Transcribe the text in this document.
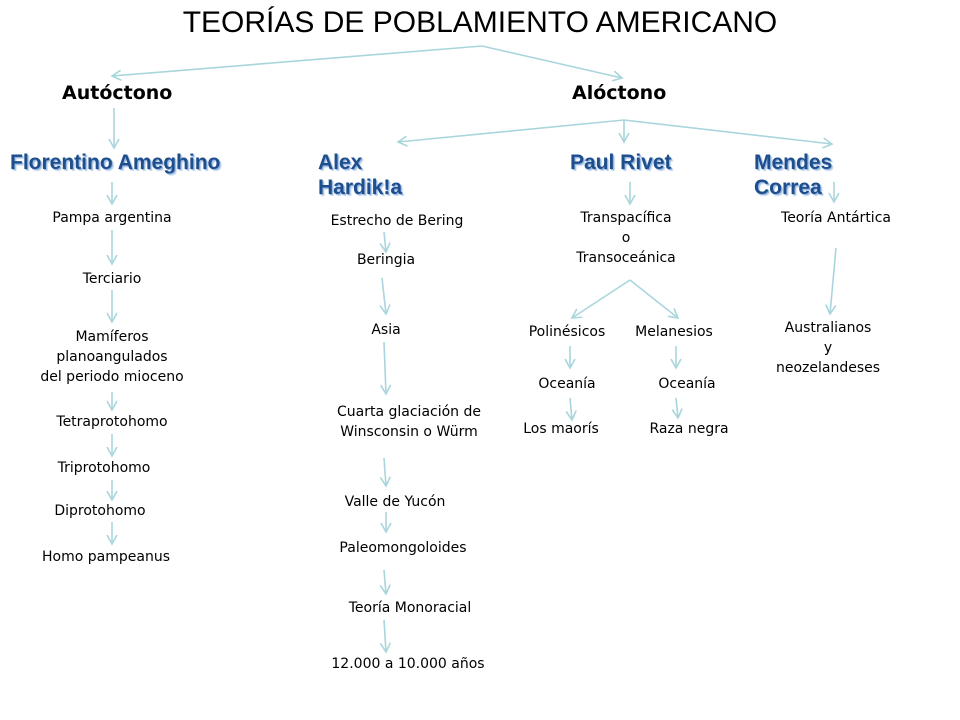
TEORÍAS DE POBLAMIENTO AMERICANO
Autóctono	Alóctono
Florentino Ameghino	Alex
Hardik!a
Paul Rivet	Mendes
Correa
Pampa argentina
Terciario
Mamíferos
planoangulados
del periodo mioceno
Tetraprotohomo
Triprotohomo
Diprotohomo
Homo pampeanus
Estrecho de Bering
Beringia
Asia
Cuarta glaciación de
Winsconsin o Würm
Valle de Yucón
Paleomongoloides
Teoría Monoracial
12.000 a 10.000 años
Transpacífica
o
Transoceánica
Polinésicos	Melanesios
Oceanía	Oceanía
Los maorís	Raza negra
Teoría Antártica
Australianos
y
neozelandeses
